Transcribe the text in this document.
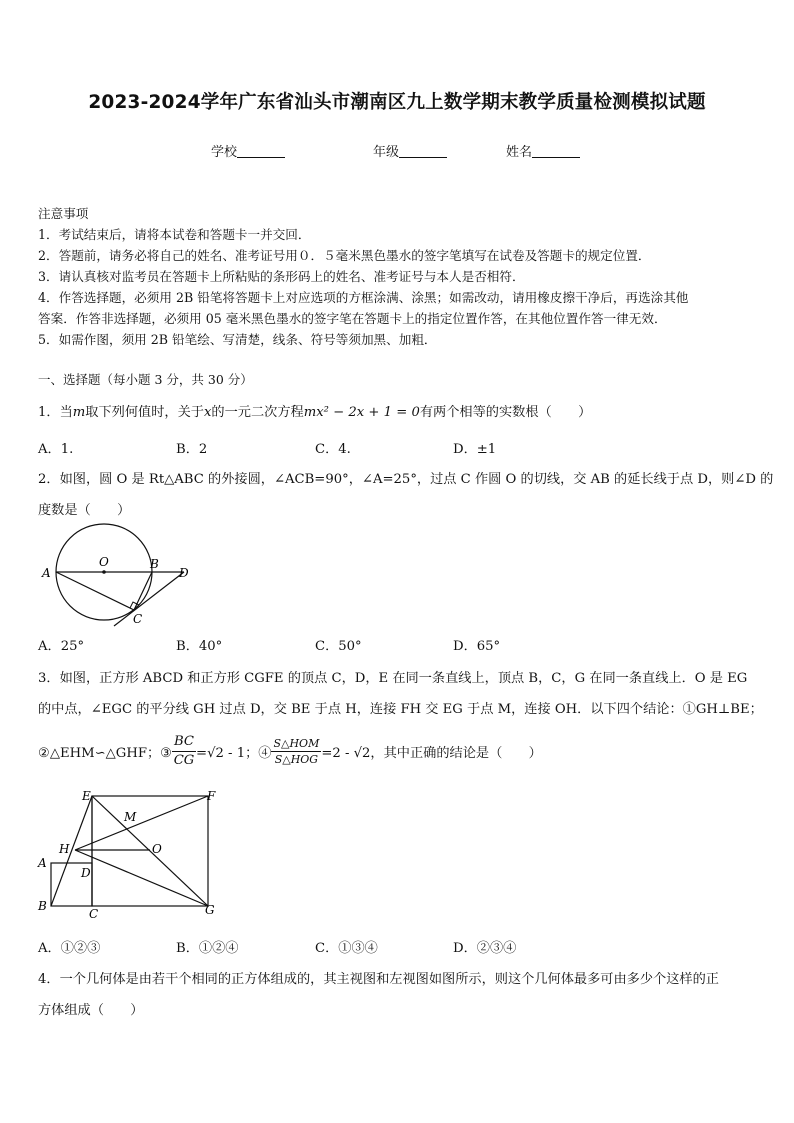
2023-2024学年广东省汕头市潮南区九上数学期末教学质量检测模拟试题
学校	年级	姓名
注意事项
1．考试结束后，请将本试卷和答题卡一并交回．
2．答题前，请务必将自己的姓名、准考证号用０．５毫米黑色墨水的签字笔填写在试卷及答题卡的规定位置．
3．请认真核对监考员在答题卡上所粘贴的条形码上的姓名、准考证号与本人是否相符．
4．作答选择题，必须用 2B 铅笔将答题卡上对应选项的方框涂满、涂黑；如需改动，请用橡皮擦干净后，再选涂其他
答案．作答非选择题，必须用 05 毫米黑色墨水的签字笔在答题卡上的指定位置作答，在其他位置作答一律无效．
5．如需作图，须用 2B 铅笔绘、写清楚，线条、符号等须加黑、加粗．
一、选择题（每小题 3 分，共 30 分）
1．当m取下列何值时，关于x的一元二次方程mx² − 2x + 1 = 0有两个相等的实数根（　　）
A．1.	B．2	C．4.	D．±1
2．如图，圆 O 是 Rt△ABC 的外接圆，∠ACB=90°，∠A=25°，过点 C 作圆 O 的切线，交 AB 的延长线于点 D，则∠D 的
度数是（　　）
A
O	B
D
C
A．25°	B．40°	C．50°	D．65°
3．如图，正方形 ABCD 和正方形 CGFE 的顶点 C，D，E 在同一条直线上，顶点 B，C，G 在同一条直线上．O 是 EG
的中点，∠EGC 的平分线 GH 过点 D，交 BE 于点 H，连接 FH 交 EG 于点 M，连接 OH．以下四个结论：①GH⊥BE；
②△EHM∽△GHF；③ $\frac{BC}{CG} =√2 - 1$；④ $\frac{\text{S△HOM}}{\text{S△HOG}} =2 - √2$，其中正确的结论是（　　）
E	F
M
H	O
A
D
B
C	G
A．①②③	B．①②④	C．①③④	D．②③④
4．一个几何体是由若干个相同的正方体组成的，其主视图和左视图如图所示，则这个几何体最多可由多少个这样的正
方体组成（　　）
